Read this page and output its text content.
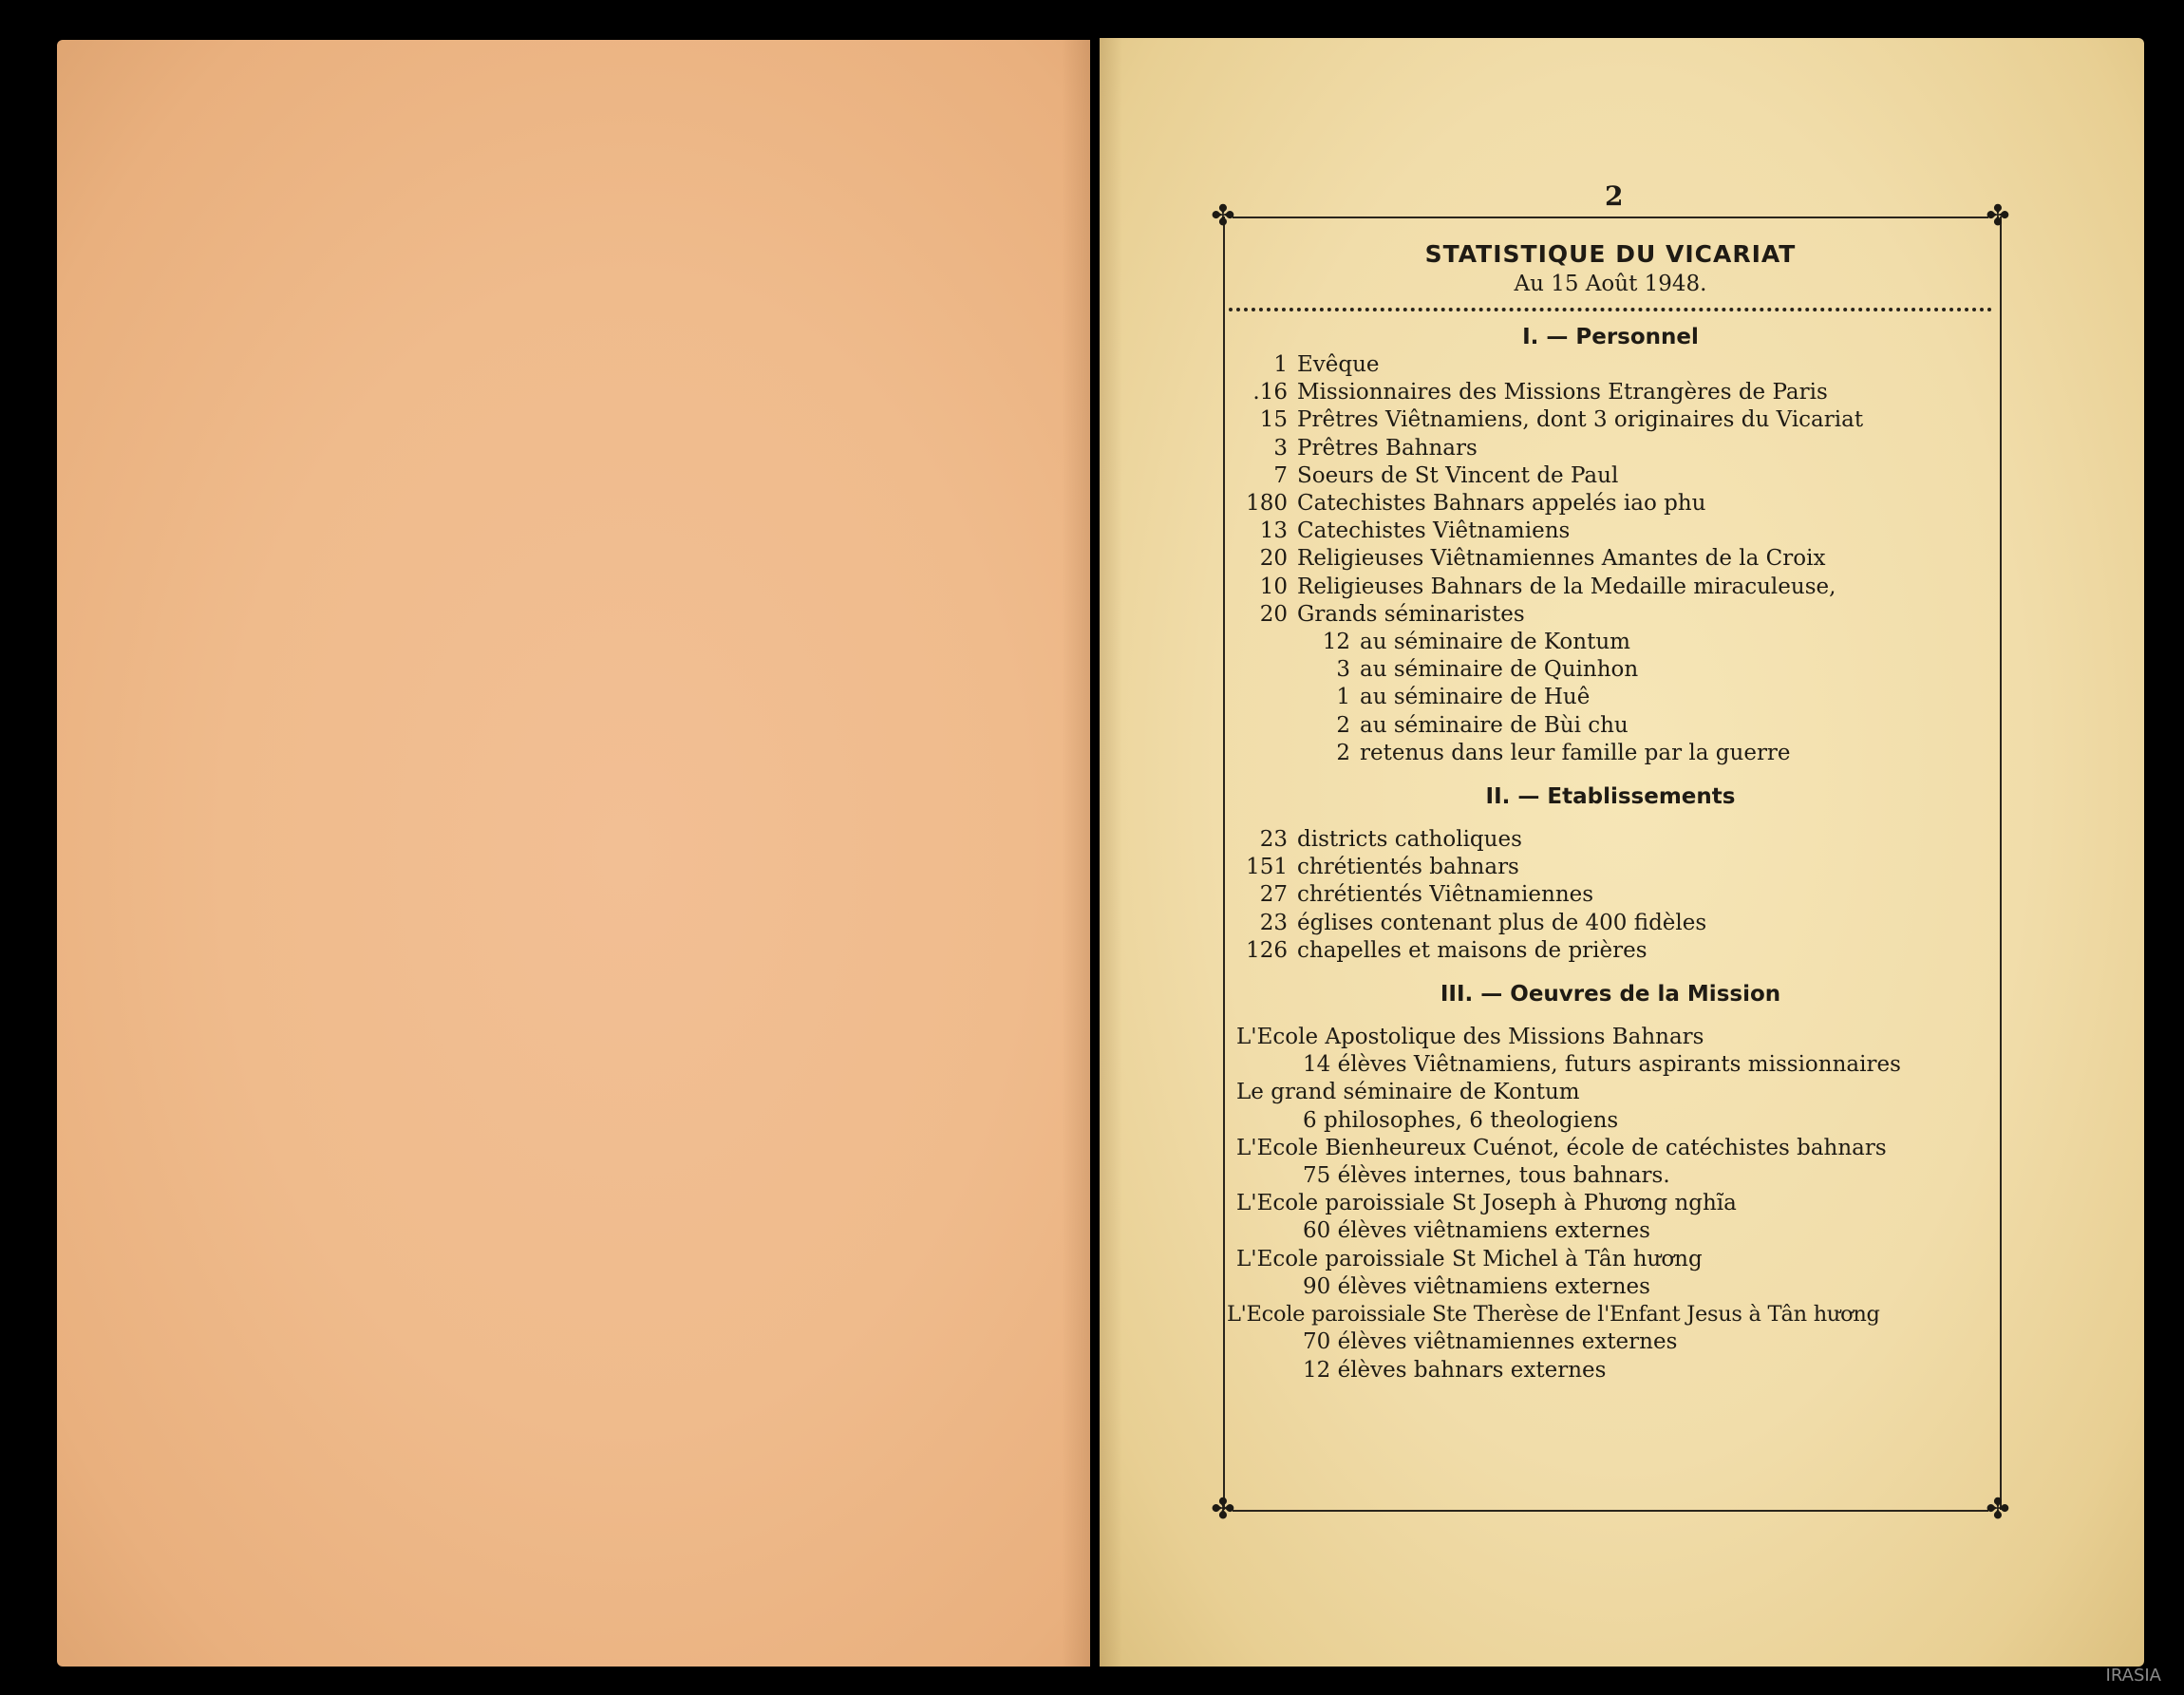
2
✤	✤
✤	✤
STATISTIQUE DU VICARIAT
Au 15 Août 1948.
I. — Personnel
1 Evêque
.16 Missionnaires des Missions Etrangères de Paris
15 Prêtres Viêtnamiens, dont 3 originaires du Vicariat
3 Prêtres Bahnars
7 Soeurs de St Vincent de Paul
180 Catechistes Bahnars appelés iao phu
13 Catechistes Viêtnamiens
20 Religieuses Viêtnamiennes Amantes de la Croix
10 Religieuses Bahnars de la Medaille miraculeuse,
20 Grands séminaristes
12 au séminaire de Kontum
3 au séminaire de Quinhon
1 au séminaire de Huê
2 au séminaire de Bùi chu
2 retenus dans leur famille par la guerre
II. — Etablissements
23 districts catholiques
151 chrétientés bahnars
27 chrétientés Viêtnamiennes
23 églises contenant plus de 400 fidèles
126 chapelles et maisons de prières
III. — Oeuvres de la Mission
L'Ecole Apostolique des Missions Bahnars
14 élèves Viêtnamiens, futurs aspirants missionnaires
Le grand séminaire de Kontum
6 philosophes, 6 theologiens
L'Ecole Bienheureux Cuénot, école de catéchistes bahnars
75 élèves internes, tous bahnars.
L'Ecole paroissiale St Joseph à Phương nghĩa
60 élèves viêtnamiens externes
L'Ecole paroissiale St Michel à Tân hương
90 élèves viêtnamiens externes
L'Ecole paroissiale Ste Therèse de l'Enfant Jesus à Tân hương
70 élèves viêtnamiennes externes
12 élèves bahnars externes
IRASIA
